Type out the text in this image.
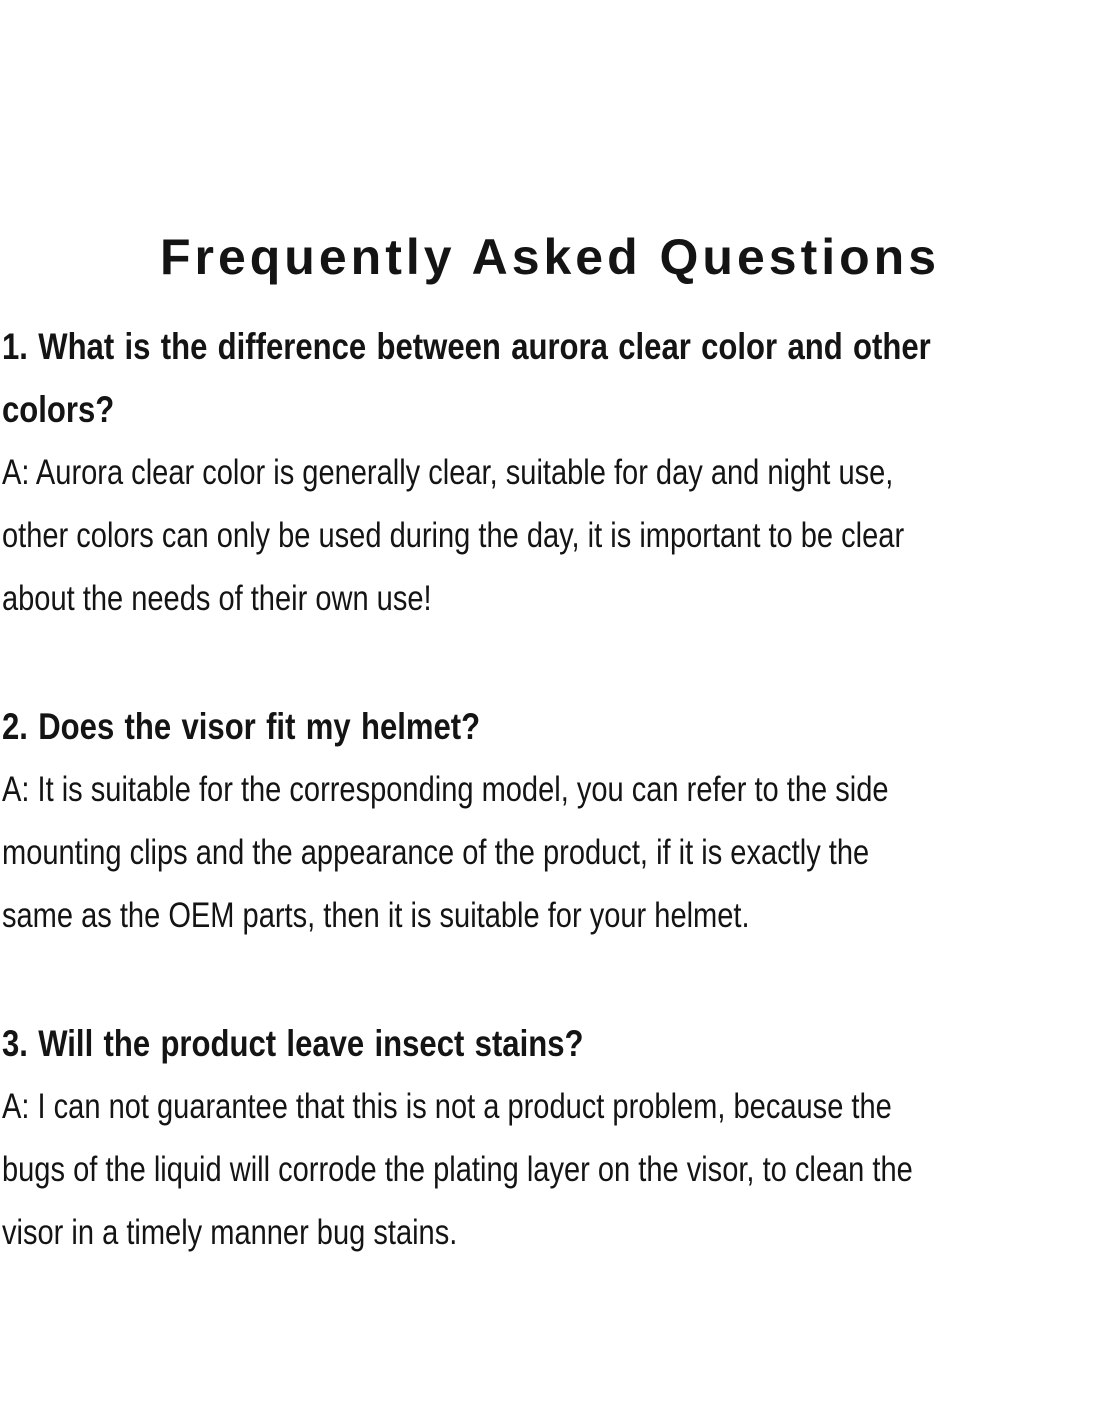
Frequently Asked Questions
1. What is the difference between aurora clear color and other
colors?
A: Aurora clear color is generally clear, suitable for day and night use,
other colors can only be used during the day, it is important to be clear
about the needs of their own use!
2. Does the visor fit my helmet?
A: It is suitable for the corresponding model, you can refer to the side
mounting clips and the appearance of the product, if it is exactly the
same as the OEM parts, then it is suitable for your helmet.
3. Will the product leave insect stains?
A: I can not guarantee that this is not a product problem, because the
bugs of the liquid will corrode the plating layer on the visor, to clean the
visor in a timely manner bug stains.
